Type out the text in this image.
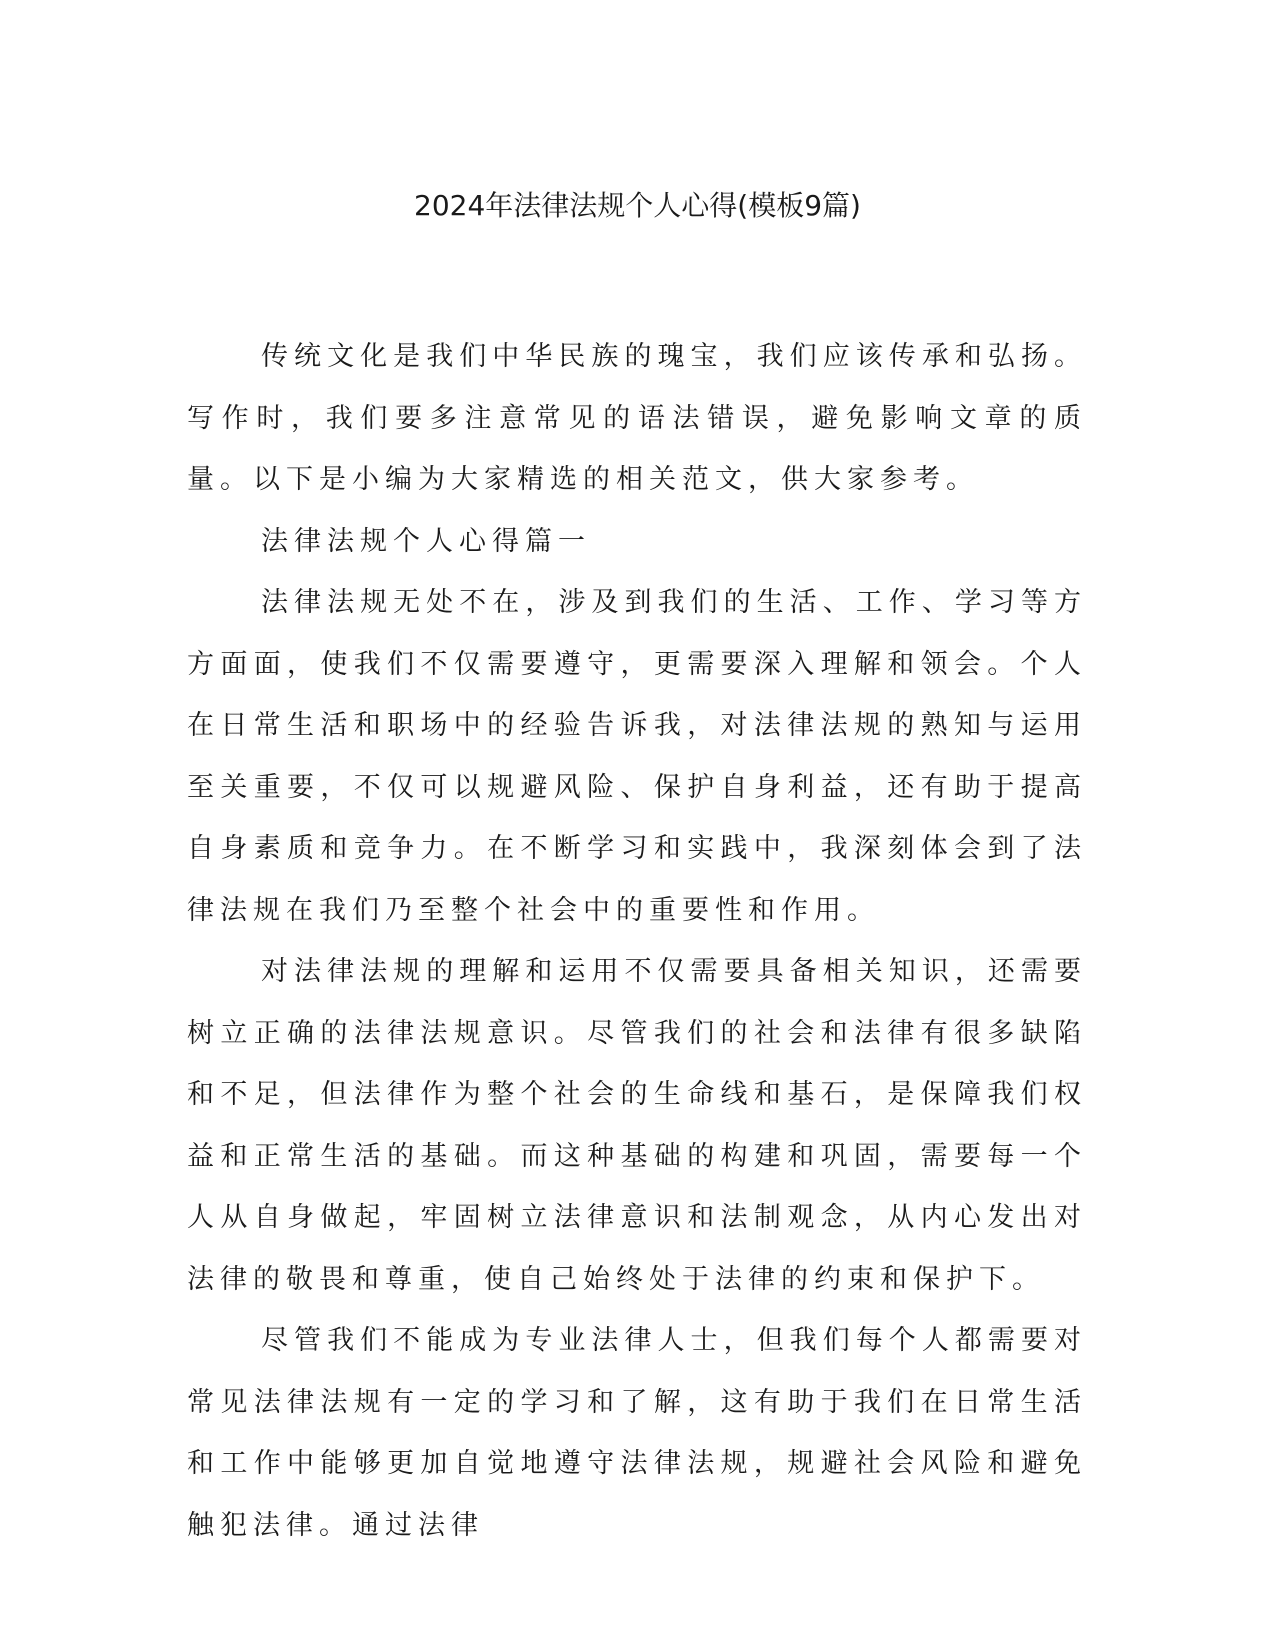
2024年法律法规个人心得(模板9篇)

传统文化是我们中华民族的瑰宝，我们应该传承和弘扬。写作时，我们要多注意常见的语法错误，避免影响文章的质量。以下是小编为大家精选的相关范文，供大家参考。

法律法规个人心得篇一

法律法规无处不在，涉及到我们的生活、工作、学习等方方面面，使我们不仅需要遵守，更需要深入理解和领会。个人在日常生活和职场中的经验告诉我，对法律法规的熟知与运用至关重要，不仅可以规避风险、保护自身利益，还有助于提高自身素质和竞争力。在不断学习和实践中，我深刻体会到了法律法规在我们乃至整个社会中的重要性和作用。

对法律法规的理解和运用不仅需要具备相关知识，还需要树立正确的法律法规意识。尽管我们的社会和法律有很多缺陷和不足，但法律作为整个社会的生命线和基石，是保障我们权益和正常生活的基础。而这种基础的构建和巩固，需要每一个人从自身做起，牢固树立法律意识和法制观念，从内心发出对法律的敬畏和尊重，使自己始终处于法律的约束和保护下。

尽管我们不能成为专业法律人士，但我们每个人都需要对常见法律法规有一定的学习和了解，这有助于我们在日常生活和工作中能够更加自觉地遵守法律法规，规避社会风险和避免触犯法律。通过法律
